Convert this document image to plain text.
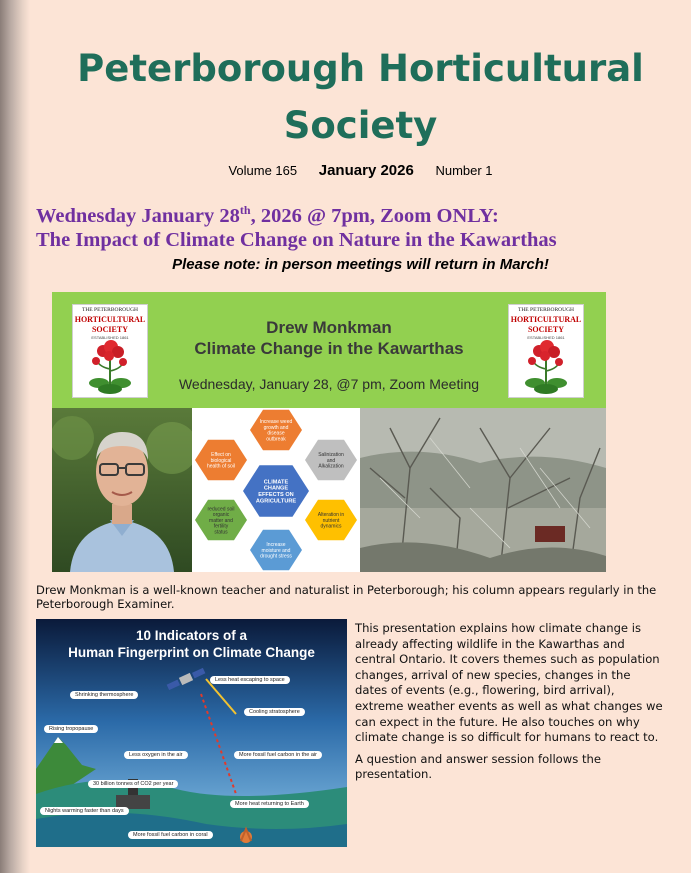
Peterborough Horticultural Society
Volume 165 January 2026 Number 1
Wednesday January 28th, 2026 @ 7pm, Zoom ONLY:
The Impact of Climate Change on Nature in the Kawarthas
Please note: in person meetings will return in March!
THE PETERBOROUGH
HORTICULTURAL
SOCIETY
ESTABLISHED 1861
Drew Monkman
Climate Change in the Kawarthas
Wednesday, January 28, @7 pm, Zoom Meeting
THE PETERBOROUGH
HORTICULTURAL
SOCIETY
ESTABLISHED 1861
CLIMATE
CHANGE
EFFECTS ON
AGRICULTURE
Increase weed
growth and
disease
outbreak
Salinization
and
Alkalization
Alteration in
nutrient
dynamics
Increase
moisture and
drought stress
reduced soil
organic
matter and
fertility
status
Effect on
biological
health of soil
Drew Monkman is a well-known teacher and naturalist in Peterborough; his column appears regularly in the Peterborough Examiner.
10 Indicators of a
Human Fingerprint on Climate Change
Less heat escaping to space
Shrinking thermosphere
Cooling stratosphere
Rising tropopause
Less oxygen in the air	More fossil fuel carbon in the air
30 billion tonnes of CO2 per year
More heat returning to Earth
Nights warming faster than days
More fossil fuel carbon in coral

This presentation explains how climate change is already affecting wildlife in the Kawarthas and central Ontario. It covers themes such as population changes, arrival of new species, changes in the dates of events (e.g., flowering, bird arrival), extreme weather events as well as what changes we can expect in the future. He also touches on why climate change is so difficult for humans to react to.

A question and answer session follows the presentation.
